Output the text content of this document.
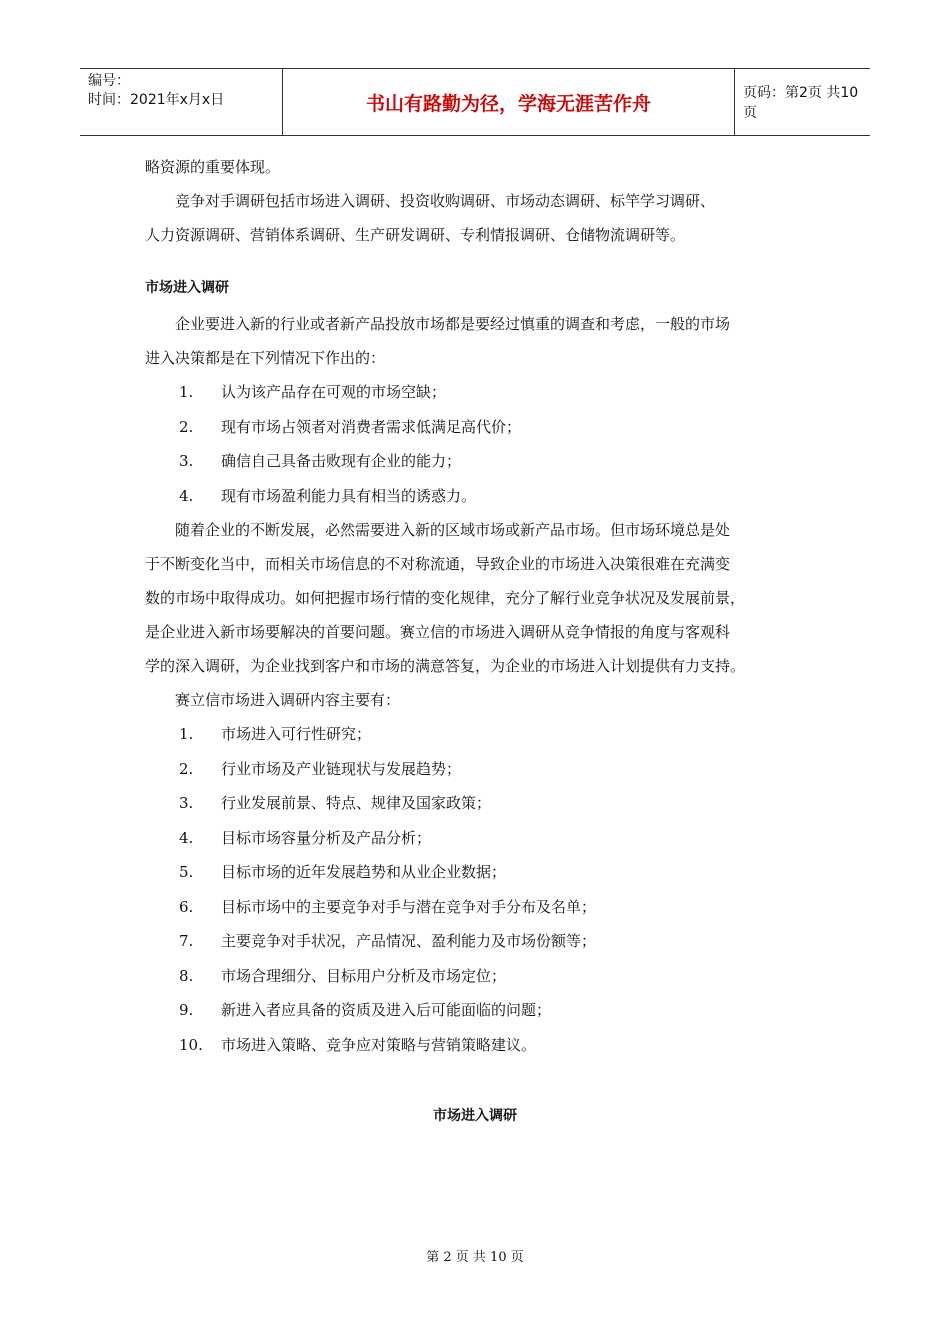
编号：
时间：2021年x月x日	书山有路勤为径，学海无涯苦作舟	页码：第2页 共10页

略资源的重要体现。

竞争对手调研包括市场进入调研、投资收购调研、市场动态调研、标竿学习调研、

人力资源调研、营销体系调研、生产研发调研、专利情报调研、仓储物流调研等。

市场进入调研

企业要进入新的行业或者新产品投放市场都是要经过慎重的调查和考虑，一般的市场

进入决策都是在下列情况下作出的：

1.	认为该产品存在可观的市场空缺；
2.	现有市场占领者对消费者需求低满足高代价；
3.	确信自己具备击败现有企业的能力；
4.	现有市场盈利能力具有相当的诱惑力。

随着企业的不断发展，必然需要进入新的区域市场或新产品市场。但市场环境总是处

于不断变化当中，而相关市场信息的不对称流通，导致企业的市场进入决策很难在充满变

数的市场中取得成功。如何把握市场行情的变化规律，充分了解行业竞争状况及发展前景，

是企业进入新市场要解决的首要问题。赛立信的市场进入调研从竞争情报的角度与客观科

学的深入调研，为企业找到客户和市场的满意答复，为企业的市场进入计划提供有力支持。

赛立信市场进入调研内容主要有：

1.	市场进入可行性研究；
2.	行业市场及产业链现状与发展趋势；
3.	行业发展前景、特点、规律及国家政策；
4.	目标市场容量分析及产品分析；
5.	目标市场的近年发展趋势和从业企业数据；
6.	目标市场中的主要竞争对手与潜在竞争对手分布及名单；
7.	主要竞争对手状况，产品情况、盈利能力及市场份额等；
8.	市场合理细分、目标用户分析及市场定位；
9.	新进入者应具备的资质及进入后可能面临的问题；
10.	市场进入策略、竞争应对策略与营销策略建议。
市场进入调研
第 2 页 共 10 页
